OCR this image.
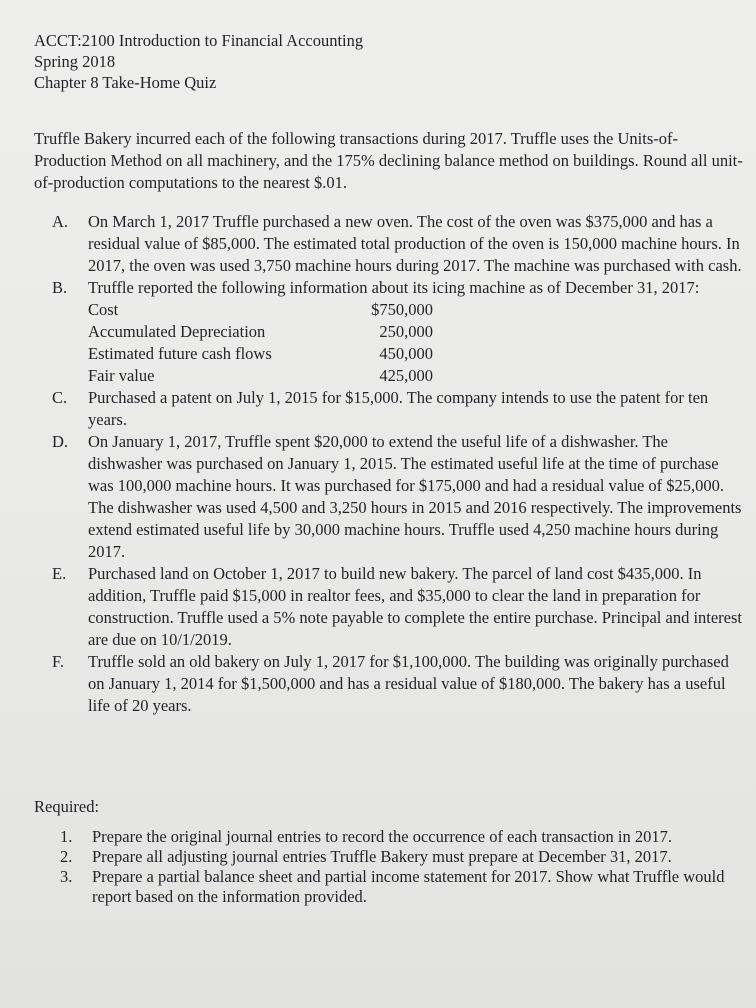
ACCT:2100 Introduction to Financial Accounting
Spring 2018
Chapter 8 Take-Home Quiz
Truffle Bakery incurred each of the following transactions during 2017. Truffle uses the Units-of-Production Method on all machinery, and the 175% declining balance method on buildings. Round all unit-of-production computations to the nearest $.01.
A. On March 1, 2017 Truffle purchased a new oven. The cost of the oven was $375,000 and has a residual value of $85,000. The estimated total production of the oven is 150,000 machine hours. In 2017, the oven was used 3,750 machine hours during 2017. The machine was purchased with cash.
B. Truffle reported the following information about its icing machine as of December 31, 2017:
Cost	$750,000
Accumulated Depreciation	250,000
Estimated future cash flows	450,000
Fair value	425,000
C. Purchased a patent on July 1, 2015 for $15,000. The company intends to use the patent for ten years.
D. On January 1, 2017, Truffle spent $20,000 to extend the useful life of a dishwasher. The dishwasher was purchased on January 1, 2015. The estimated useful life at the time of purchase was 100,000 machine hours. It was purchased for $175,000 and had a residual value of $25,000. The dishwasher was used 4,500 and 3,250 hours in 2015 and 2016 respectively. The improvements extend estimated useful life by 30,000 machine hours. Truffle used 4,250 machine hours during 2017.
E. Purchased land on October 1, 2017 to build new bakery. The parcel of land cost $435,000. In addition, Truffle paid $15,000 in realtor fees, and $35,000 to clear the land in preparation for construction. Truffle used a 5% note payable to complete the entire purchase. Principal and interest are due on 10/1/2019.
F. Truffle sold an old bakery on July 1, 2017 for $1,100,000. The building was originally purchased on January 1, 2014 for $1,500,000 and has a residual value of $180,000. The bakery has a useful life of 20 years.
Required:
1. Prepare the original journal entries to record the occurrence of each transaction in 2017.
2. Prepare all adjusting journal entries Truffle Bakery must prepare at December 31, 2017.
3. Prepare a partial balance sheet and partial income statement for 2017. Show what Truffle would report based on the information provided.
